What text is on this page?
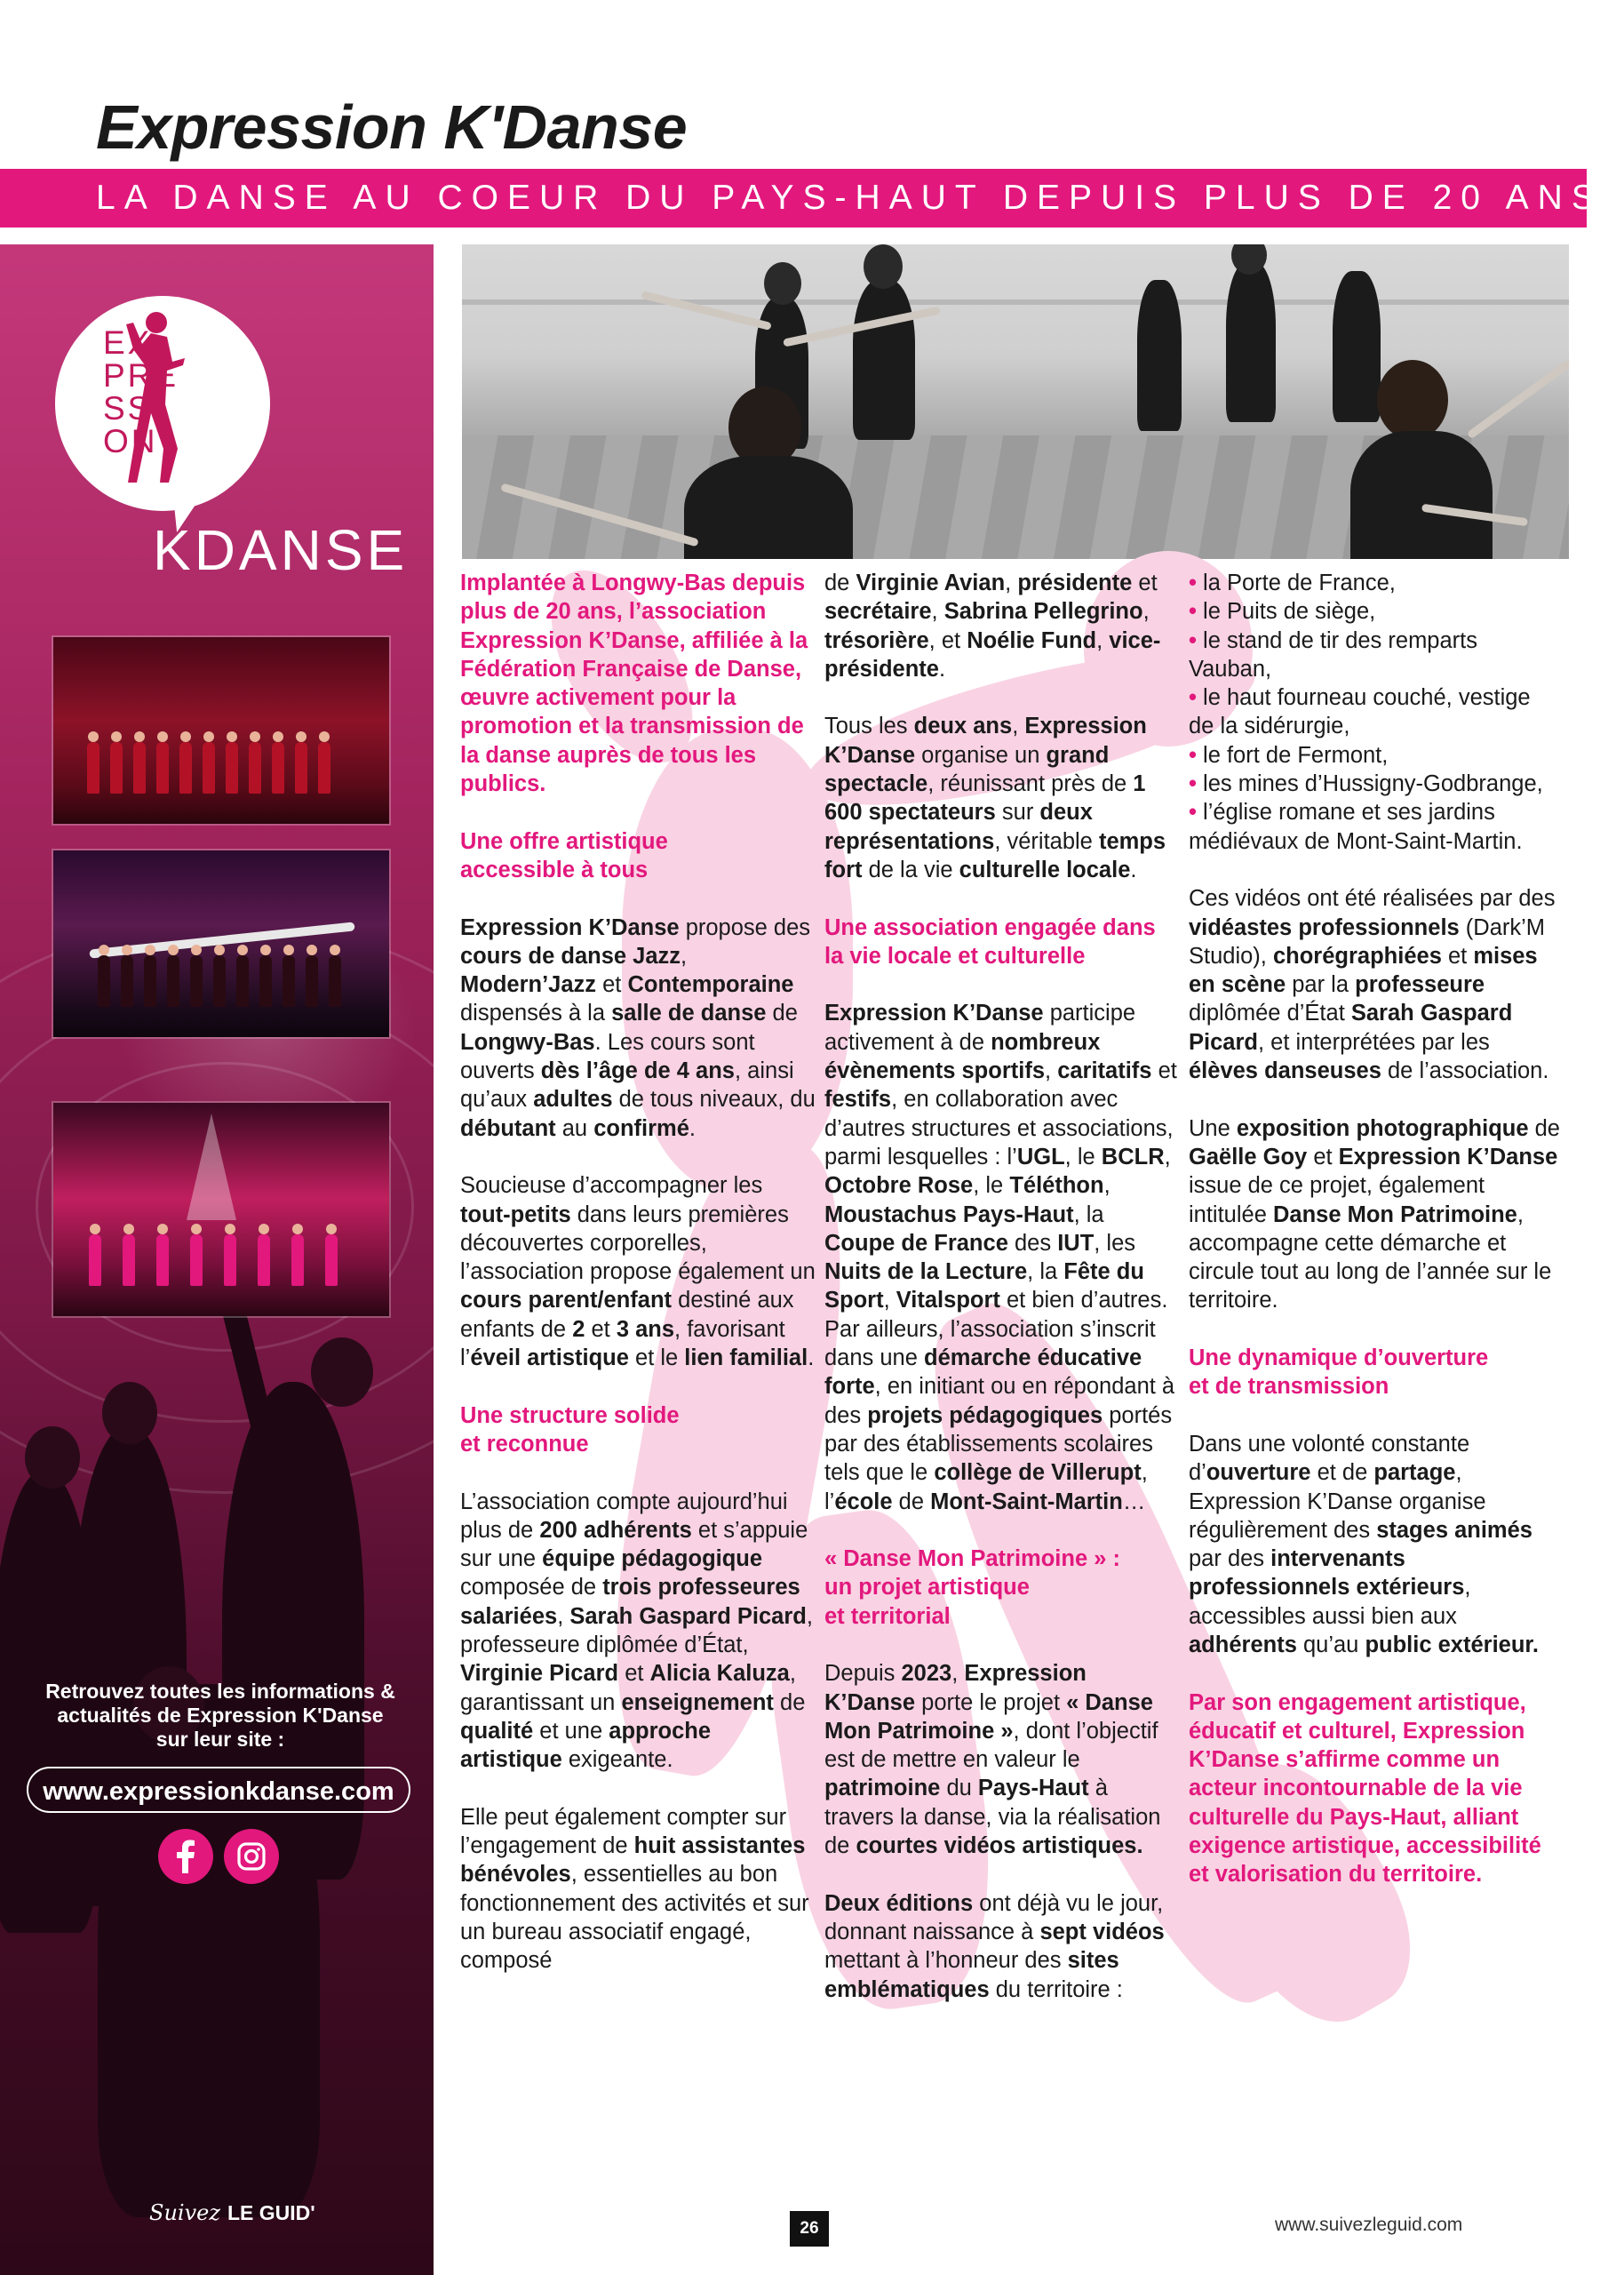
Expression K'Danse
LA DANSE AU COEUR DU PAYS-HAUT DEPUIS PLUS DE 20 ANS
EX
PRE
SSI
ON
KDANSE
Retrouvez toutes les informations & actualités de Expression K'Danse sur leur site :
www.expressionkdanse.com
Suivez LE GUID'

Implantée à Longwy-Bas depuis plus de 20 ans, l’association Expression K’Danse, affiliée à la Fédération Française de Danse, œuvre activement pour la promotion et la transmission de la danse auprès de tous les publics.

Une offre artistique
accessible à tous

Expression K’Danse propose des cours de danse Jazz, Modern’Jazz et Contemporaine dispensés à la salle de danse de Longwy-Bas. Les cours sont ouverts dès l’âge de 4 ans, ainsi qu’aux adultes de tous niveaux, du débutant au confirmé.

Soucieuse d’accompagner les tout-petits dans leurs premières découvertes corporelles, l’association propose également un cours parent/enfant destiné aux enfants de 2 et 3 ans, favorisant l’éveil artistique et le lien familial.

Une structure solide
et reconnue

L’association compte aujourd’hui plus de 200 adhérents et s’appuie sur une équipe pédagogique composée de trois professeures salariées, Sarah Gaspard Picard, professeure diplômée d’État, Virginie Picard et Alicia Kaluza, garantissant un enseignement de qualité et une approche artistique exigeante.

Elle peut également compter sur l’engagement de huit assistantes bénévoles, essentielles au bon fonctionnement des activités et sur un bureau associatif engagé, composé

de Virginie Avian, présidente et secrétaire, Sabrina Pellegrino, trésorière, et Noélie Fund, vice-présidente.

Tous les deux ans, Expression K’Danse organise un grand spectacle, réunissant près de 1 600 spectateurs sur deux représentations, véritable temps fort de la vie culturelle locale.

Une association engagée dans la vie locale et culturelle

Expression K’Danse participe activement à de nombreux évènements sportifs, caritatifs et festifs, en collaboration avec d’autres structures et associations, parmi lesquelles : l’UGL, le BCLR, Octobre Rose, le Téléthon, Moustachus Pays-Haut, la Coupe de France des IUT, les Nuits de la Lecture, la Fête du Sport, Vitalsport et bien d’autres. Par ailleurs, l’association s’inscrit dans une démarche éducative forte, en initiant ou en répondant à des projets pédagogiques portés par des établissements scolaires tels que le collège de Villerupt, l’école de Mont-Saint-Martin…

« Danse Mon Patrimoine » :
un projet artistique
et territorial

Depuis 2023, Expression K’Danse porte le projet « Danse Mon Patrimoine », dont l’objectif est de mettre en valeur le patrimoine du Pays-Haut à travers la danse, via la réalisation de courtes vidéos artistiques.

Deux éditions ont déjà vu le jour, donnant naissance à sept vidéos mettant à l’honneur des sites emblématiques du territoire :

• la Porte de France,
• le Puits de siège,
• le stand de tir des remparts Vauban,
• le haut fourneau couché, vestige de la sidérurgie,
• le fort de Fermont,
• les mines d’Hussigny-Godbrange,
• l’église romane et ses jardins médiévaux de Mont-Saint-Martin.

Ces vidéos ont été réalisées par des vidéastes professionnels (Dark’M Studio), chorégraphiées et mises en scène par la professeure diplômée d’État Sarah Gaspard Picard, et interprétées par les élèves danseuses de l’association.

Une exposition photographique de Gaëlle Goy et Expression K’Danse issue de ce projet, également intitulée Danse Mon Patrimoine, accompagne cette démarche et circule tout au long de l’année sur le territoire.

Une dynamique d’ouverture
et de transmission

Dans une volonté constante d’ouverture et de partage, Expression K’Danse organise régulièrement des stages animés par des intervenants professionnels extérieurs, accessibles aussi bien aux adhérents qu’au public extérieur.

Par son engagement artistique, éducatif et culturel, Expression K’Danse s’affirme comme un acteur incontournable de la vie culturelle du Pays-Haut, alliant exigence artistique, accessibilité et valorisation du territoire.

26	www.suivezleguid.com
